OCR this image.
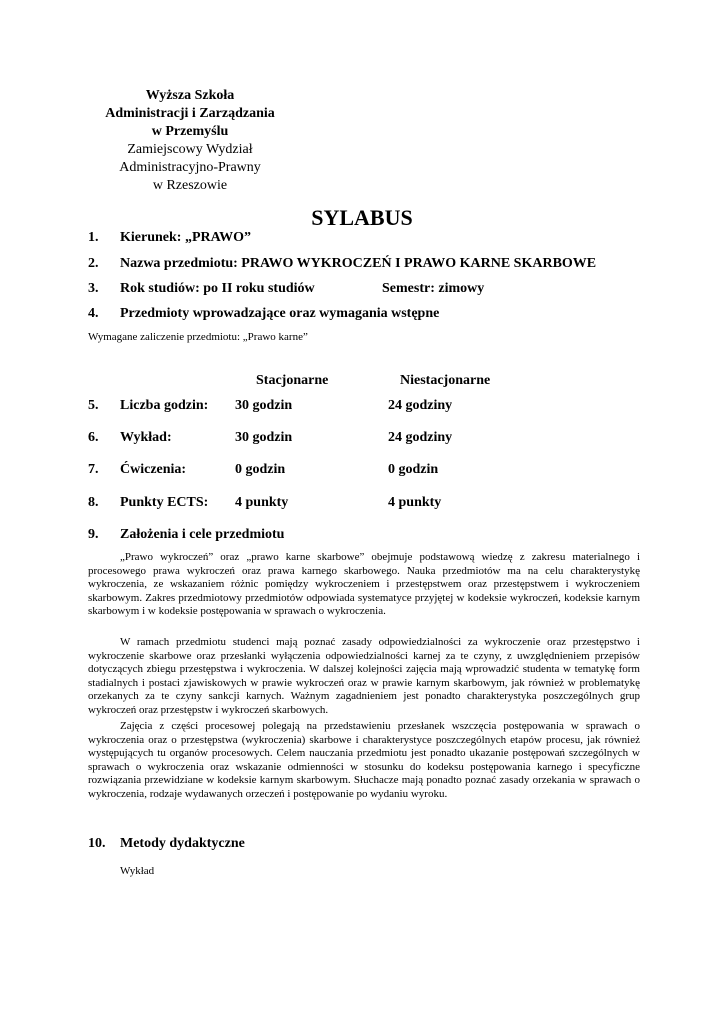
Wyższa Szkoła
Administracji i Zarządzania
w Przemyślu
Zamiejscowy Wydział
Administracyjno-Prawny
w Rzeszowie
SYLABUS
1. Kierunek: „PRAWO”
2. Nazwa przedmiotu: PRAWO WYKROCZEŃ I PRAWO KARNE SKARBOWE
3. Rok studiów: po II roku studiów	Semestr: zimowy
4. Przedmioty wprowadzające oraz wymagania wstępne
Wymagane zaliczenie przedmiotu: „Prawo karne”
Stacjonarne	Niestacjonarne
5. Liczba godzin: 30 godzin	24 godziny
6. Wykład:	30 godzin	24 godziny
7. Ćwiczenia:	0 godzin	0 godzin
8. Punkty ECTS: 4 punkty	4 punkty
9. Założenia i cele przedmiotu

„Prawo wykroczeń” oraz „prawo karne skarbowe” obejmuje podstawową wiedzę z zakresu materialnego i procesowego prawa wykroczeń oraz prawa karnego skarbowego. Nauka przedmiotów ma na celu charakterystykę wykroczenia, ze wskazaniem różnic pomiędzy wykroczeniem i przestępstwem oraz przestępstwem i wykroczeniem skarbowym. Zakres przedmiotowy przedmiotów odpowiada systematyce przyjętej w kodeksie wykroczeń, kodeksie karnym skarbowym i w kodeksie postępowania w sprawach o wykroczenia.

W ramach przedmiotu studenci mają poznać zasady odpowiedzialności za wykroczenie oraz przestępstwo i wykroczenie skarbowe oraz przesłanki wyłączenia odpowiedzialności karnej za te czyny, z uwzględnieniem przepisów dotyczących zbiegu przestępstwa i wykroczenia. W dalszej kolejności zajęcia mają wprowadzić studenta w tematykę form stadialnych i postaci zjawiskowych w prawie wykroczeń oraz w prawie karnym skarbowym, jak również w problematykę orzekanych za te czyny sankcji karnych. Ważnym zagadnieniem jest ponadto charakterystyka poszczególnych grup wykroczeń oraz przestępstw i wykroczeń skarbowych.

Zajęcia z części procesowej polegają na przedstawieniu przesłanek wszczęcia postępowania w sprawach o wykroczenia oraz o przestępstwa (wykroczenia) skarbowe i charakterystyce poszczególnych etapów procesu, jak również występujących tu organów procesowych. Celem nauczania przedmiotu jest ponadto ukazanie postępowań szczególnych w sprawach o wykroczenia oraz wskazanie odmienności w stosunku do kodeksu postępowania karnego i specyficzne rozwiązania przewidziane w kodeksie karnym skarbowym. Słuchacze mają ponadto poznać zasady orzekania w sprawach o wykroczenia, rodzaje wydawanych orzeczeń i postępowanie po wydaniu wyroku.

10. Metody dydaktyczne
Wykład
